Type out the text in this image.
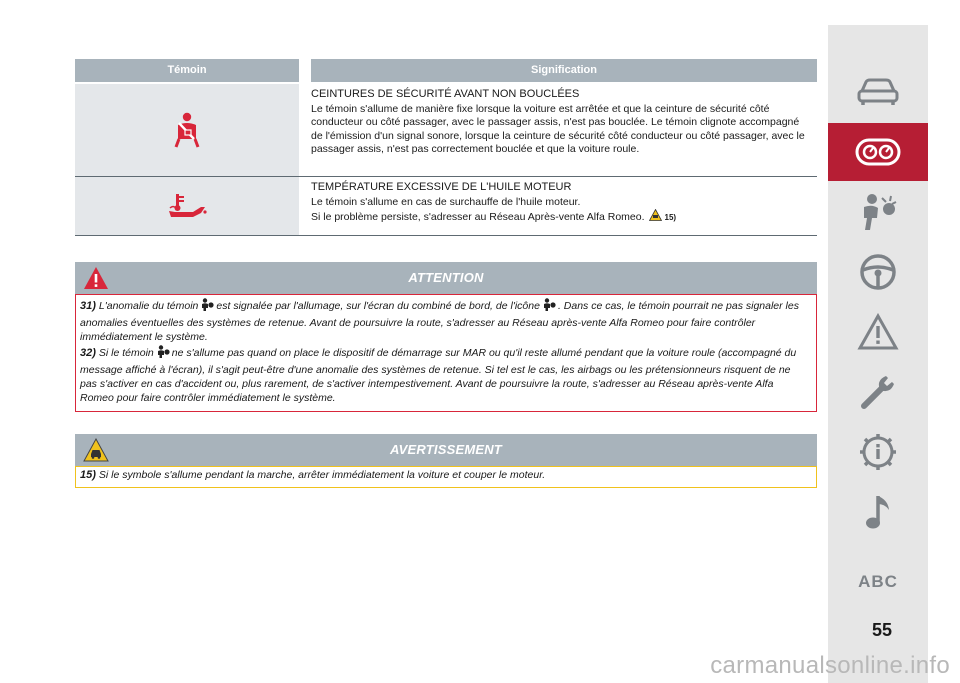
Témoin	Signification
CEINTURES DE SÉCURITÉ AVANT NON BOUCLÉES
Le témoin s'allume de manière fixe lorsque la voiture est arrêtée et que la ceinture de sécurité côté conducteur ou côté passager, avec le passager assis, n'est pas bouclée. Le témoin clignote accompagné de l'émission d'un signal sonore, lorsque la ceinture de sécurité côté conducteur ou côté passager, avec le passager assis, n'est pas correctement bouclée et que la voiture roule.
TEMPÉRATURE EXCESSIVE DE L'HUILE MOTEUR
Le témoin s'allume en cas de surchauffe de l'huile moteur.
Si le problème persiste, s'adresser au Réseau Après-vente Alfa Romeo.	15)
ATTENTION
31) L'anomalie du témoin est signalée par l'allumage, sur l'écran du combiné de bord, de l'icône . Dans ce cas, le témoin pourrait ne pas signaler les anomalies éventuelles des systèmes de retenue. Avant de poursuivre la route, s'adresser au Réseau après-vente Alfa Romeo pour faire contrôler immédiatement le système.
32) Si le témoin ne s'allume pas quand on place le dispositif de démarrage sur MAR ou qu'il reste allumé pendant que la voiture roule (accompagné du message affiché à l'écran), il s'agit peut-être d'une anomalie des systèmes de retenue. Si tel est le cas, les airbags ou les prétensionneurs risquent de ne pas s'activer en cas d'accident ou, plus rarement, de s'activer intempestivement. Avant de poursuivre la route, s'adresser au Réseau après-vente Alfa Romeo pour faire contrôler immédiatement le système.
AVERTISSEMENT
15) Si le symbole s'allume pendant la marche, arrêter immédiatement la voiture et couper le moteur.
ABC
55
carmanualsonline.info
